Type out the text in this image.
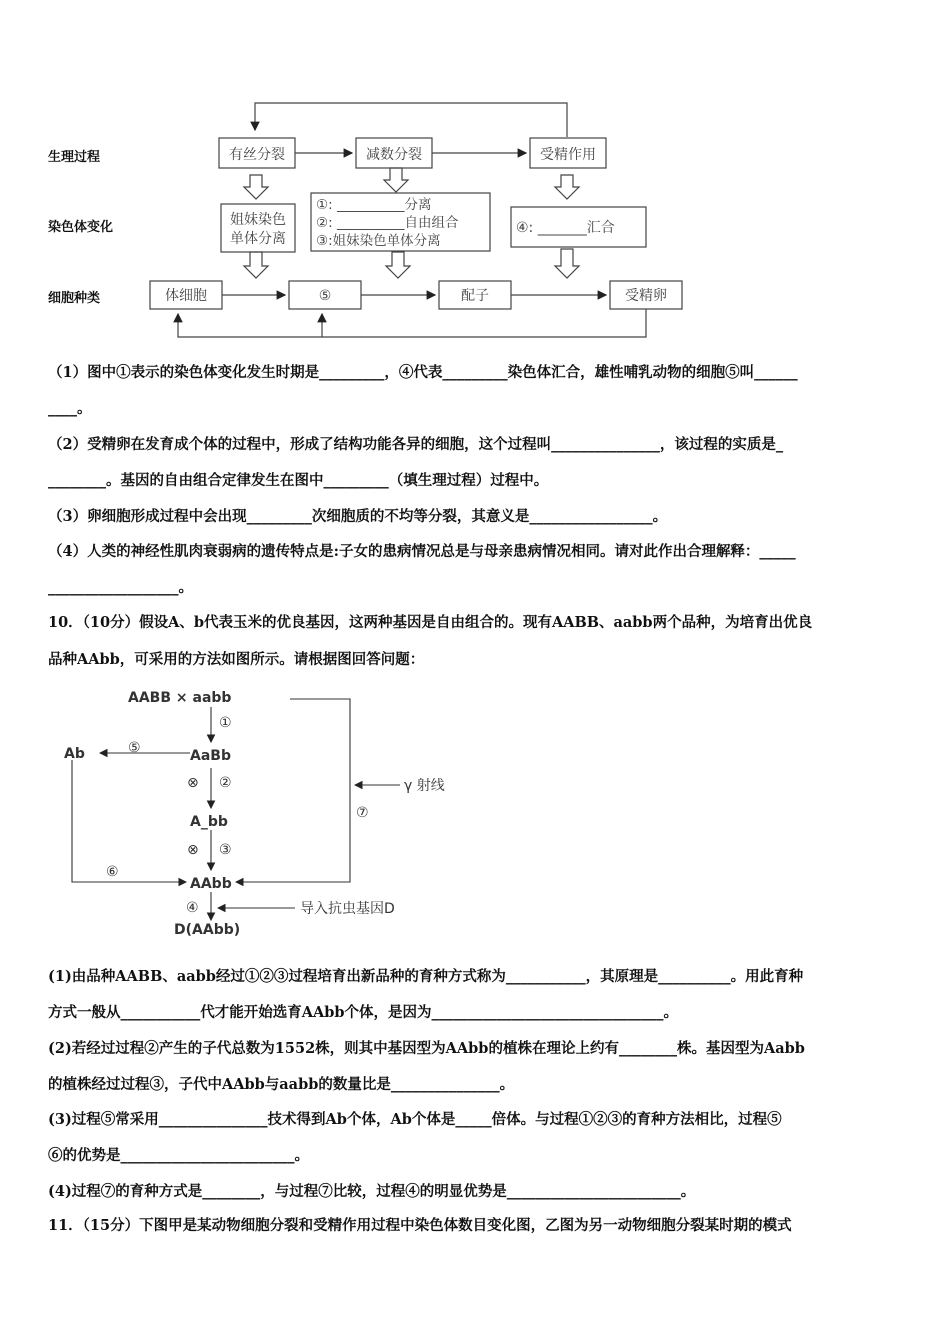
生理过程
染色体变化
细胞种类
有丝分裂	减数分裂	受精作用
姐妹染色
单体分离
①: __________分离
②: __________自由组合
③:姐妹染色单体分离
④: _______汇合
体细胞	⑤	配子	受精卵
（1）图中①表示的染色体变化发生时期是_________，④代表_________染色体汇合，雄性哺乳动物的细胞⑤叫______
____。
（2）受精卵在发育成个体的过程中，形成了结构功能各异的细胞，这个过程叫_______________，该过程的实质是_
________。基因的自由组合定律发生在图中_________（填生理过程）过程中。
（3）卵细胞形成过程中会出现_________次细胞质的不均等分裂，其意义是_________________。
（4）人类的神经性肌肉衰弱病的遗传特点是:子女的患病情况总是与母亲患病情况相同。请对此作出合理解释：_____
__________________。
10．（10分）假设A、b代表玉米的优良基因，这两种基因是自由组合的。现有AABB、aabb两个品种，为培育出优良
品种AAbb，可采用的方法如图所示。请根据图回答问题：
AABB × aabb
AaBb
A_bb
AAbb
D(AAbb)
Ab
γ 射线
导入抗虫基因D
①
②
③
④
⑤
⑥
⑦
⊗
⊗
(1)由品种AABB、aabb经过①②③过程培育出新品种的育种方式称为___________，其原理是__________。用此育种
方式一般从___________代才能开始选育AAbb个体，是因为________________________________。
(2)若经过过程②产生的子代总数为1552株，则其中基因型为AAbb的植株在理论上约有________株。基因型为Aabb
的植株经过过程③，子代中AAbb与aabb的数量比是_______________。
(3)过程⑤常采用_______________技术得到Ab个体，Ab个体是_____倍体。与过程①②③的育种方法相比，过程⑤
⑥的优势是________________________。
(4)过程⑦的育种方式是________，与过程⑦比较，过程④的明显优势是________________________。
11．（15分）下图甲是某动物细胞分裂和受精作用过程中染色体数目变化图，乙图为另一动物细胞分裂某时期的模式
